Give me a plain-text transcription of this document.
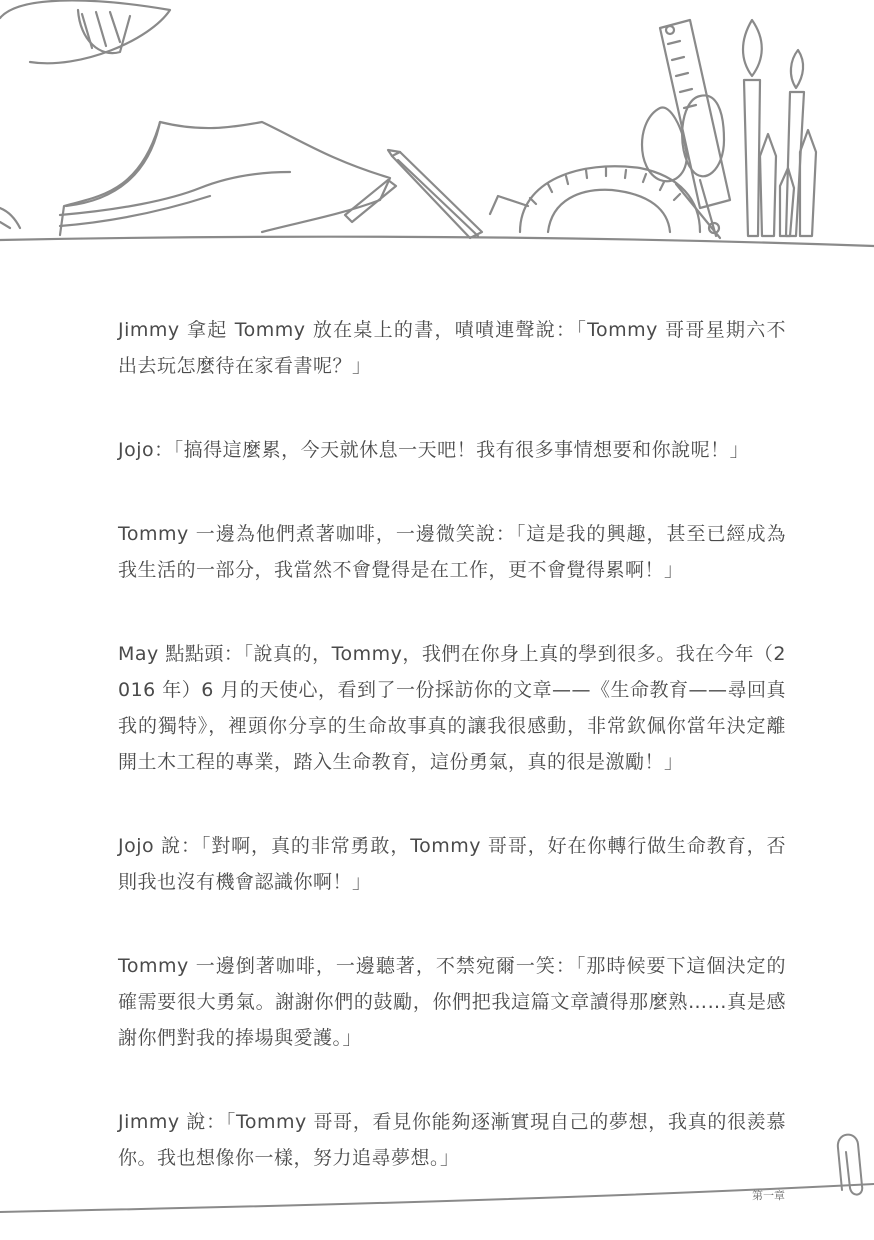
Jimmy 拿起 Tommy 放在桌上的書，嘖嘖連聲說：「Tommy 哥哥星期六不出去玩怎麼待在家看書呢？」

Jojo：「搞得這麼累，今天就休息一天吧！我有很多事情想要和你說呢！」

Tommy 一邊為他們煮著咖啡，一邊微笑說：「這是我的興趣，甚至已經成為我生活的一部分，我當然不會覺得是在工作，更不會覺得累啊！」

May 點點頭：「說真的，Tommy，我們在你身上真的學到很多。我在今年（2016 年）6 月的天使心，看到了一份採訪你的文章——《生命教育——尋回真我的獨特》，裡頭你分享的生命故事真的讓我很感動，非常欽佩你當年決定離開土木工程的專業，踏入生命教育，這份勇氣，真的很是激勵！」

Jojo 說：「對啊，真的非常勇敢，Tommy 哥哥，好在你轉行做生命教育，否則我也沒有機會認識你啊！」

Tommy 一邊倒著咖啡，一邊聽著，不禁宛爾一笑：「那時候要下這個決定的確需要很大勇氣。謝謝你們的鼓勵，你們把我這篇文章讀得那麼熟……真是感謝你們對我的捧場與愛護。」

Jimmy 說：「Tommy 哥哥，看見你能夠逐漸實現自己的夢想，我真的很羨慕你。我也想像你一樣，努力追尋夢想。」

第一章
